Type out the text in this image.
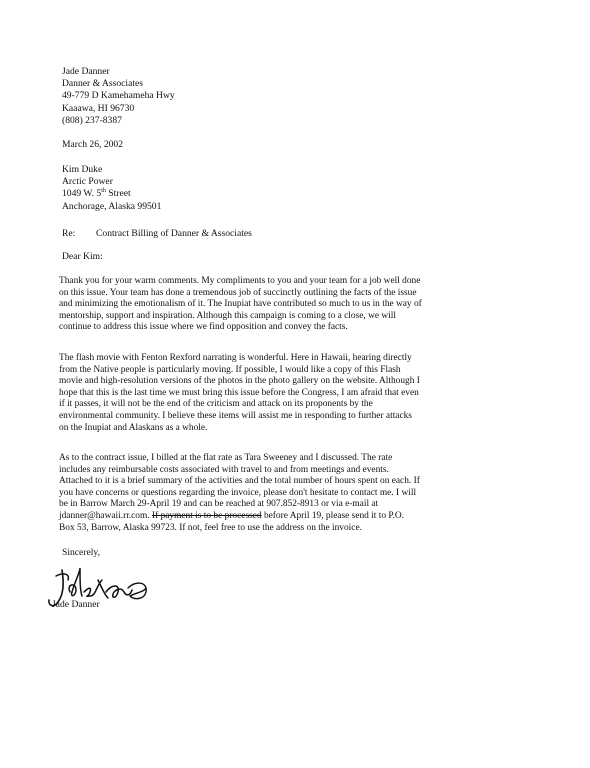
Jade Danner
Danner & Associates
49-779 D Kamehameha Hwy
Kaaawa, HI 96730
(808) 237-8387
March 26, 2002
Kim Duke
Arctic Power
1049 W. 5th Street
Anchorage, Alaska 99501
Re: Contract Billing of Danner & Associates
Dear Kim:
Thank you for your warm comments. My compliments to you and your team for a job well done
on this issue. Your team has done a tremendous job of succinctly outlining the facts of the issue
and minimizing the emotionalism of it. The Inupiat have contributed so much to us in the way of
mentorship, support and inspiration. Although this campaign is coming to a close, we will
continue to address this issue where we find opposition and convey the facts.
The flash movie with Fenton Rexford narrating is wonderful. Here in Hawaii, hearing directly
from the Native people is particularly moving. If possible, I would like a copy of this Flash
movie and high-resolution versions of the photos in the photo gallery on the website. Although I
hope that this is the last time we must bring this issue before the Congress, I am afraid that even
if it passes, it will not be the end of the criticism and attack on its proponents by the
environmental community. I believe these items will assist me in responding to further attacks
on the Inupiat and Alaskans as a whole.
As to the contract issue, I billed at the flat rate as Tara Sweeney and I discussed. The rate
includes any reimbursable costs associated with travel to and from meetings and events.
Attached to it is a brief summary of the activities and the total number of hours spent on each. If
you have concerns or questions regarding the invoice, please don't hesitate to contact me. I will
be in Barrow March 29-April 19 and can be reached at 907.852-8913 or via e-mail at
jdanner@hawaii.rr.com. If payment is to be processed before April 19, please send it to P.O.
Box 53, Barrow, Alaska 99723. If not, feel free to use the address on the invoice.
Sincerely,
Jade Danner
